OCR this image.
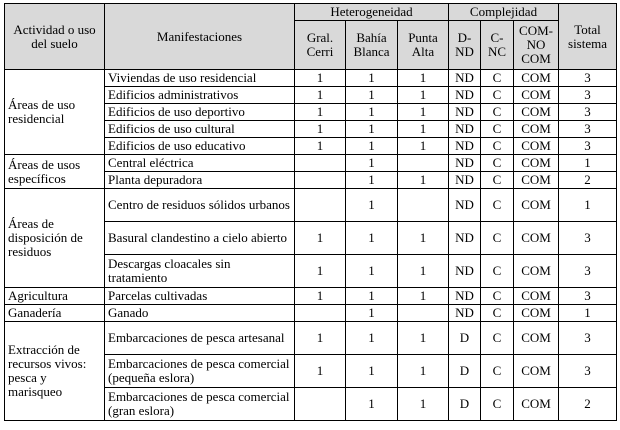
Actividad o uso del suelo	Manifestaciones	Heterogeneidad			Complejidad			Total sistema
		Gral. Cerri	Bahía Blanca	Punta Alta	D-ND	C-NC	COM-NO COM	
Áreas de uso residencial	Viviendas de uso residencial	1	1	1	ND	C	COM	3
	Edificios administrativos	1	1	1	ND	C	COM	3
	Edificios de uso deportivo	1	1	1	ND	C	COM	3
	Edificios de uso cultural	1	1	1	ND	C	COM	3
	Edificios de uso educativo	1	1	1	ND	C	COM	3
Áreas de usos específicos	Central eléctrica		1		ND	C	COM	1
	Planta depuradora		1	1	ND	C	COM	2
Áreas de disposición de residuos	Centro de residuos sólidos urbanos		1		ND	C	COM	1
	Basural clandestino a cielo abierto	1	1	1	ND	C	COM	3
	Descargas cloacales sin tratamiento	1	1	1	ND	C	COM	3
Agricultura	Parcelas cultivadas	1	1	1	ND	C	COM	3
Ganadería	Ganado		1		ND	C	COM	1
Extracción de recursos vivos: pesca y marisqueo	Embarcaciones de pesca artesanal	1	1	1	D	C	COM	3
	Embarcaciones de pesca comercial (pequeña eslora)	1	1	1	D	C	COM	3
	Embarcaciones de pesca comercial (gran eslora)		1	1	D	C	COM	2
